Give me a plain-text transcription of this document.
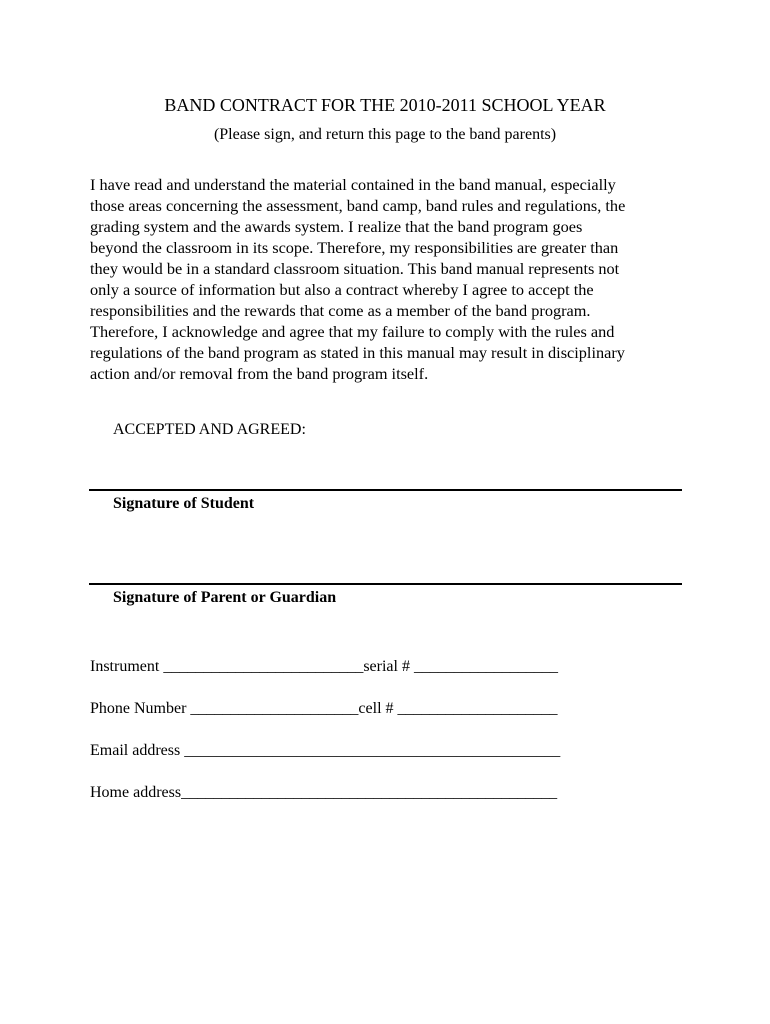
BAND CONTRACT FOR THE 2010-2011 SCHOOL YEAR
(Please sign, and return this page to the band parents)
I have read and understand the material contained in the band manual, especially
those areas concerning the assessment, band camp, band rules and regulations, the
grading system and the awards system. I realize that the band program goes
beyond the classroom in its scope. Therefore, my responsibilities are greater than
they would be in a standard classroom situation. This band manual represents not
only a source of information but also a contract whereby I agree to accept the
responsibilities and the rewards that come as a member of the band program.
Therefore, I acknowledge and agree that my failure to comply with the rules and
regulations of the band program as stated in this manual may result in disciplinary
action and/or removal from the band program itself.
ACCEPTED AND AGREED:
Signature of Student
Signature of Parent or Guardian
Instrument _________________________serial # __________________
Phone Number _____________________cell # ____________________
Email address _______________________________________________
Home address_______________________________________________
